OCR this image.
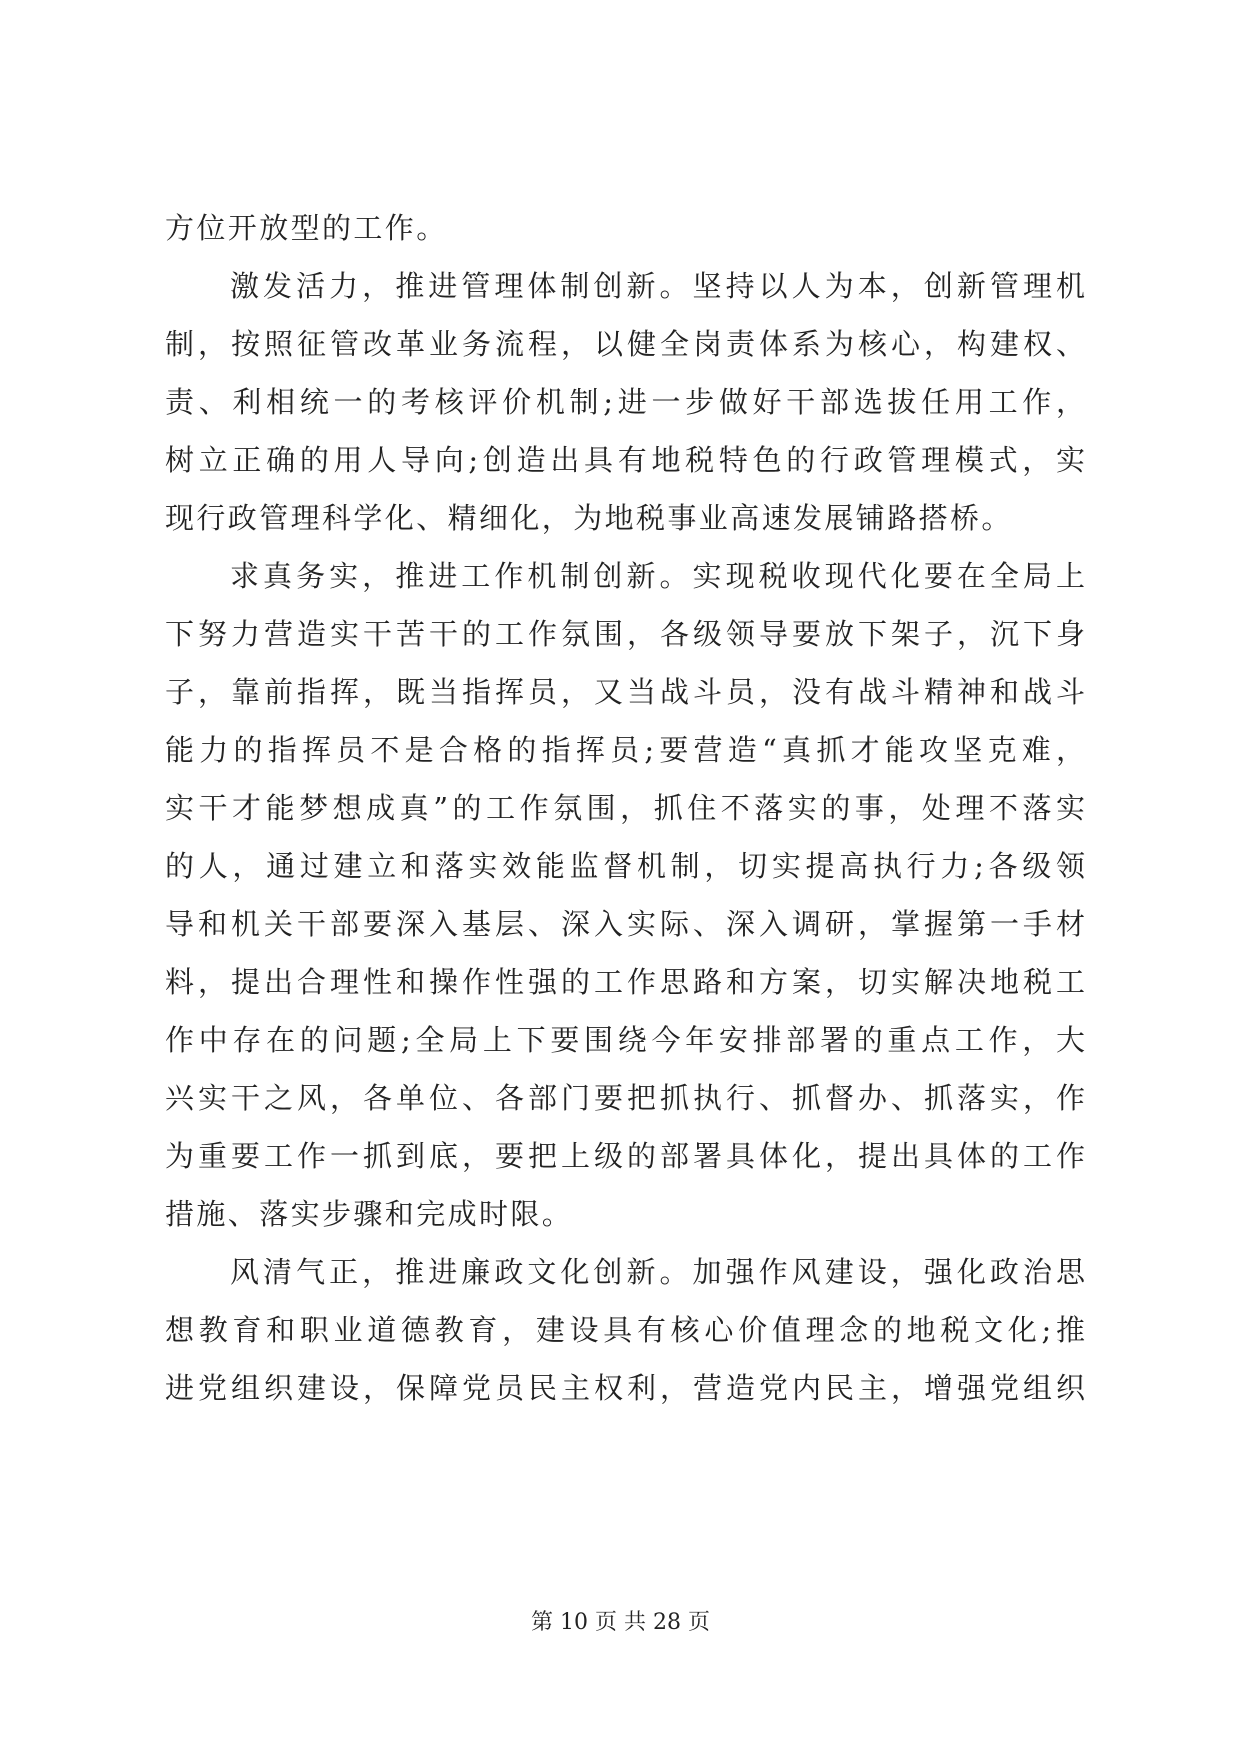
方位开放型的工作。
激发活力，推进管理体制创新。坚持以人为本，创新管理机
制，按照征管改革业务流程，以健全岗责体系为核心，构建权、
责、利相统一的考核评价机制;进一步做好干部选拔任用工作，
树立正确的用人导向;创造出具有地税特色的行政管理模式，实
现行政管理科学化、精细化，为地税事业高速发展铺路搭桥。
求真务实，推进工作机制创新。实现税收现代化要在全局上
下努力营造实干苦干的工作氛围，各级领导要放下架子，沉下身
子，靠前指挥，既当指挥员，又当战斗员，没有战斗精神和战斗
能力的指挥员不是合格的指挥员;要营造“真抓才能攻坚克难，
实干才能梦想成真”的工作氛围，抓住不落实的事，处理不落实
的人，通过建立和落实效能监督机制，切实提高执行力;各级领
导和机关干部要深入基层、深入实际、深入调研，掌握第一手材
料，提出合理性和操作性强的工作思路和方案，切实解决地税工
作中存在的问题;全局上下要围绕今年安排部署的重点工作，大
兴实干之风，各单位、各部门要把抓执行、抓督办、抓落实，作
为重要工作一抓到底，要把上级的部署具体化，提出具体的工作
措施、落实步骤和完成时限。
风清气正，推进廉政文化创新。加强作风建设，强化政治思
想教育和职业道德教育，建设具有核心价值理念的地税文化;推
进党组织建设，保障党员民主权利，营造党内民主，增强党组织
第 10 页 共 28 页
